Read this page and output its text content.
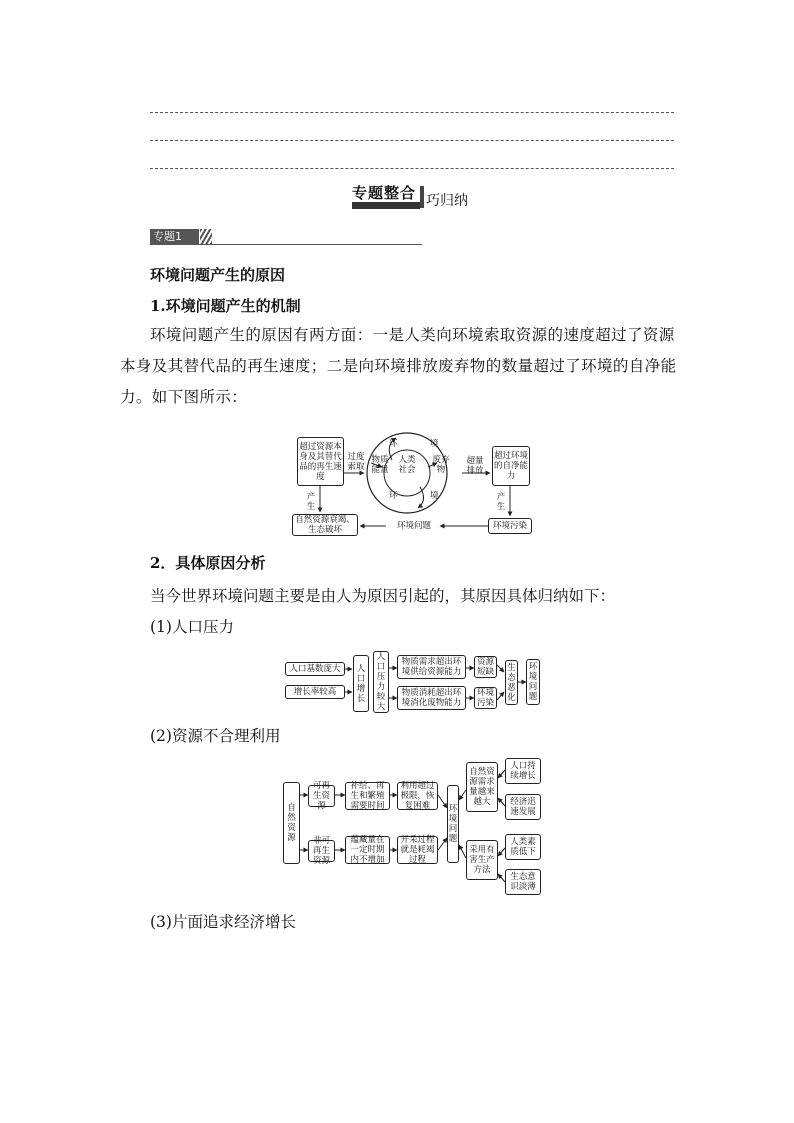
专题整合 巧归纳
专题1
环境问题产生的原因
1.环境问题产生的机制
环境问题产生的原因有两方面：一是人类向环境索取资源的速度超过了资源本身及其替代品的再生速度；二是向环境排放废弃物的数量超过了环境的自净能力。如下图所示：
超过资源本身及其替代品的再生速度
过度索取
环	境
物质能量
人类社会
废弃物
环	境
超量排放
超过环境的自净能力
产生
产生
自然资源衰竭、生态破坏	环境问题	环境污染
2．具体原因分析
当今世界环境问题主要是由人为原因引起的，其原因具体归纳如下：
(1)人口压力
人口基数庞大
增长率较高
人口增长
人口压力较大
物质需求超出环境供给资源能力
物质消耗超出环境消化废物能力
资源短缺
环境污染
生态恶化
环境问题
(2)资源不合理利用
自然资源
可再生资源
非可再生资源
补给、再生和繁殖需要时间
蕴藏量在一定时期内不增加
利用超过极限，恢复困难
开采过程就是耗竭过程
环境问题
自然资源需求量越来越大
采用有害生产方法
人口持续增长
经济迅速发展
人类素质低下
生态意识淡薄
(3)片面追求经济增长
